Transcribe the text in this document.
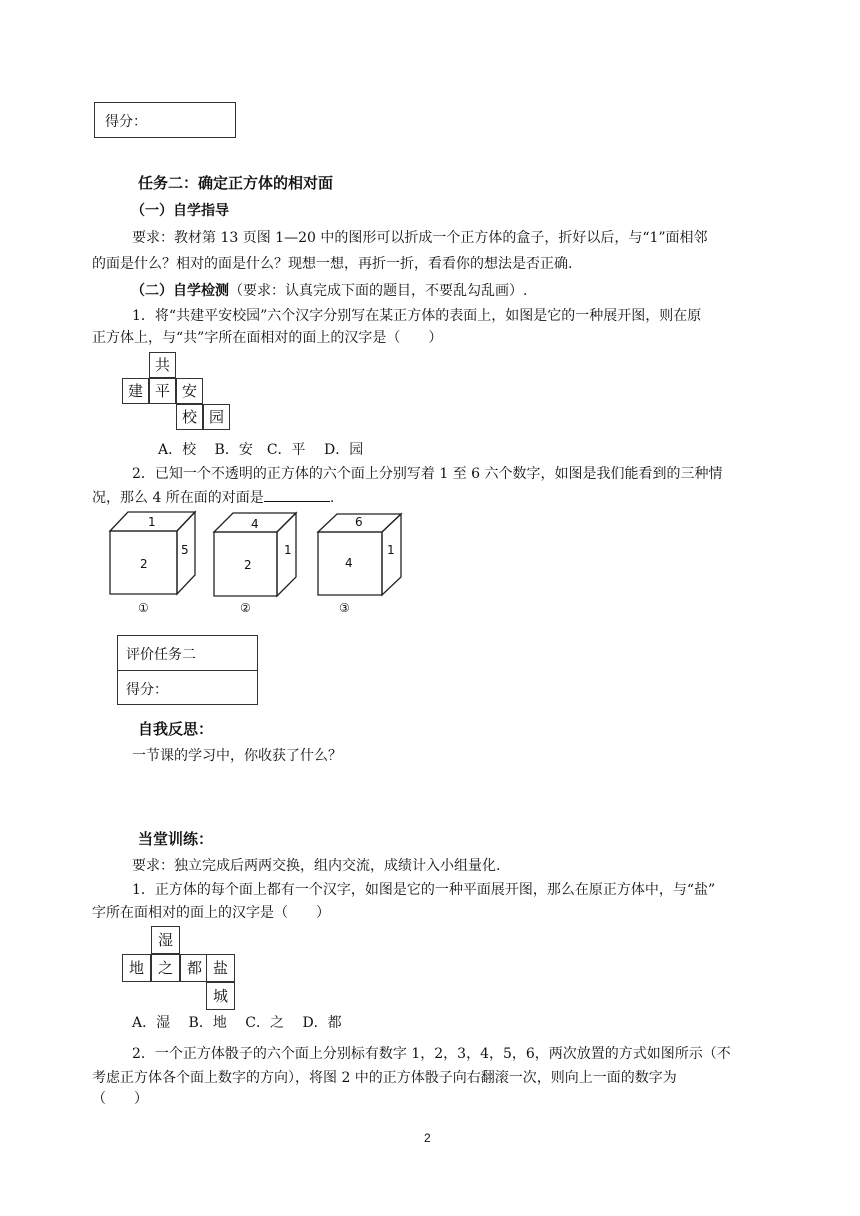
得分：
任务二：确定正方体的相对面
（一）自学指导
要求：教材第 13 页图 1—20 中的图形可以折成一个正方体的盒子，折好以后，与“1”面相邻
的面是什么？相对的面是什么？现想一想，再折一折，看看你的想法是否正确.
（二）自学检测（要求：认真完成下面的题目，不要乱勾乱画）.
1．将“共建平安校园”六个汉字分别写在某正方体的表面上，如图是它的一种展开图，则在原
正方体上，与“共”字所在面相对的面上的汉字是（　　）
共
建 平 安
校 园
A．校　 B．安　C．平　 D．园
2．已知一个不透明的正方体的六个面上分别写着 1 至 6 六个数字，如图是我们能看到的三种情
况，那么 4 所在面的对面是	.
1
2
5
①
4
2
1
②
6
4
1
③
评价任务二
得分：
自我反思：
一节课的学习中，你收获了什么？
当堂训练：
要求：独立完成后两两交换，组内交流，成绩计入小组量化.
1．正方体的每个面上都有一个汉字，如图是它的一种平面展开图，那么在原正方体中，与“盐”
字所在面相对的面上的汉字是（　　）
湿
地 之 都 盐
城
A．湿　 B．地　 C．之　 D．都
2．一个正方体骰子的六个面上分别标有数字 1，2，3，4，5，6，两次放置的方式如图所示（不
考虑正方体各个面上数字的方向），将图 2 中的正方体骰子向右翻滚一次，则向上一面的数字为
（　　）
2
